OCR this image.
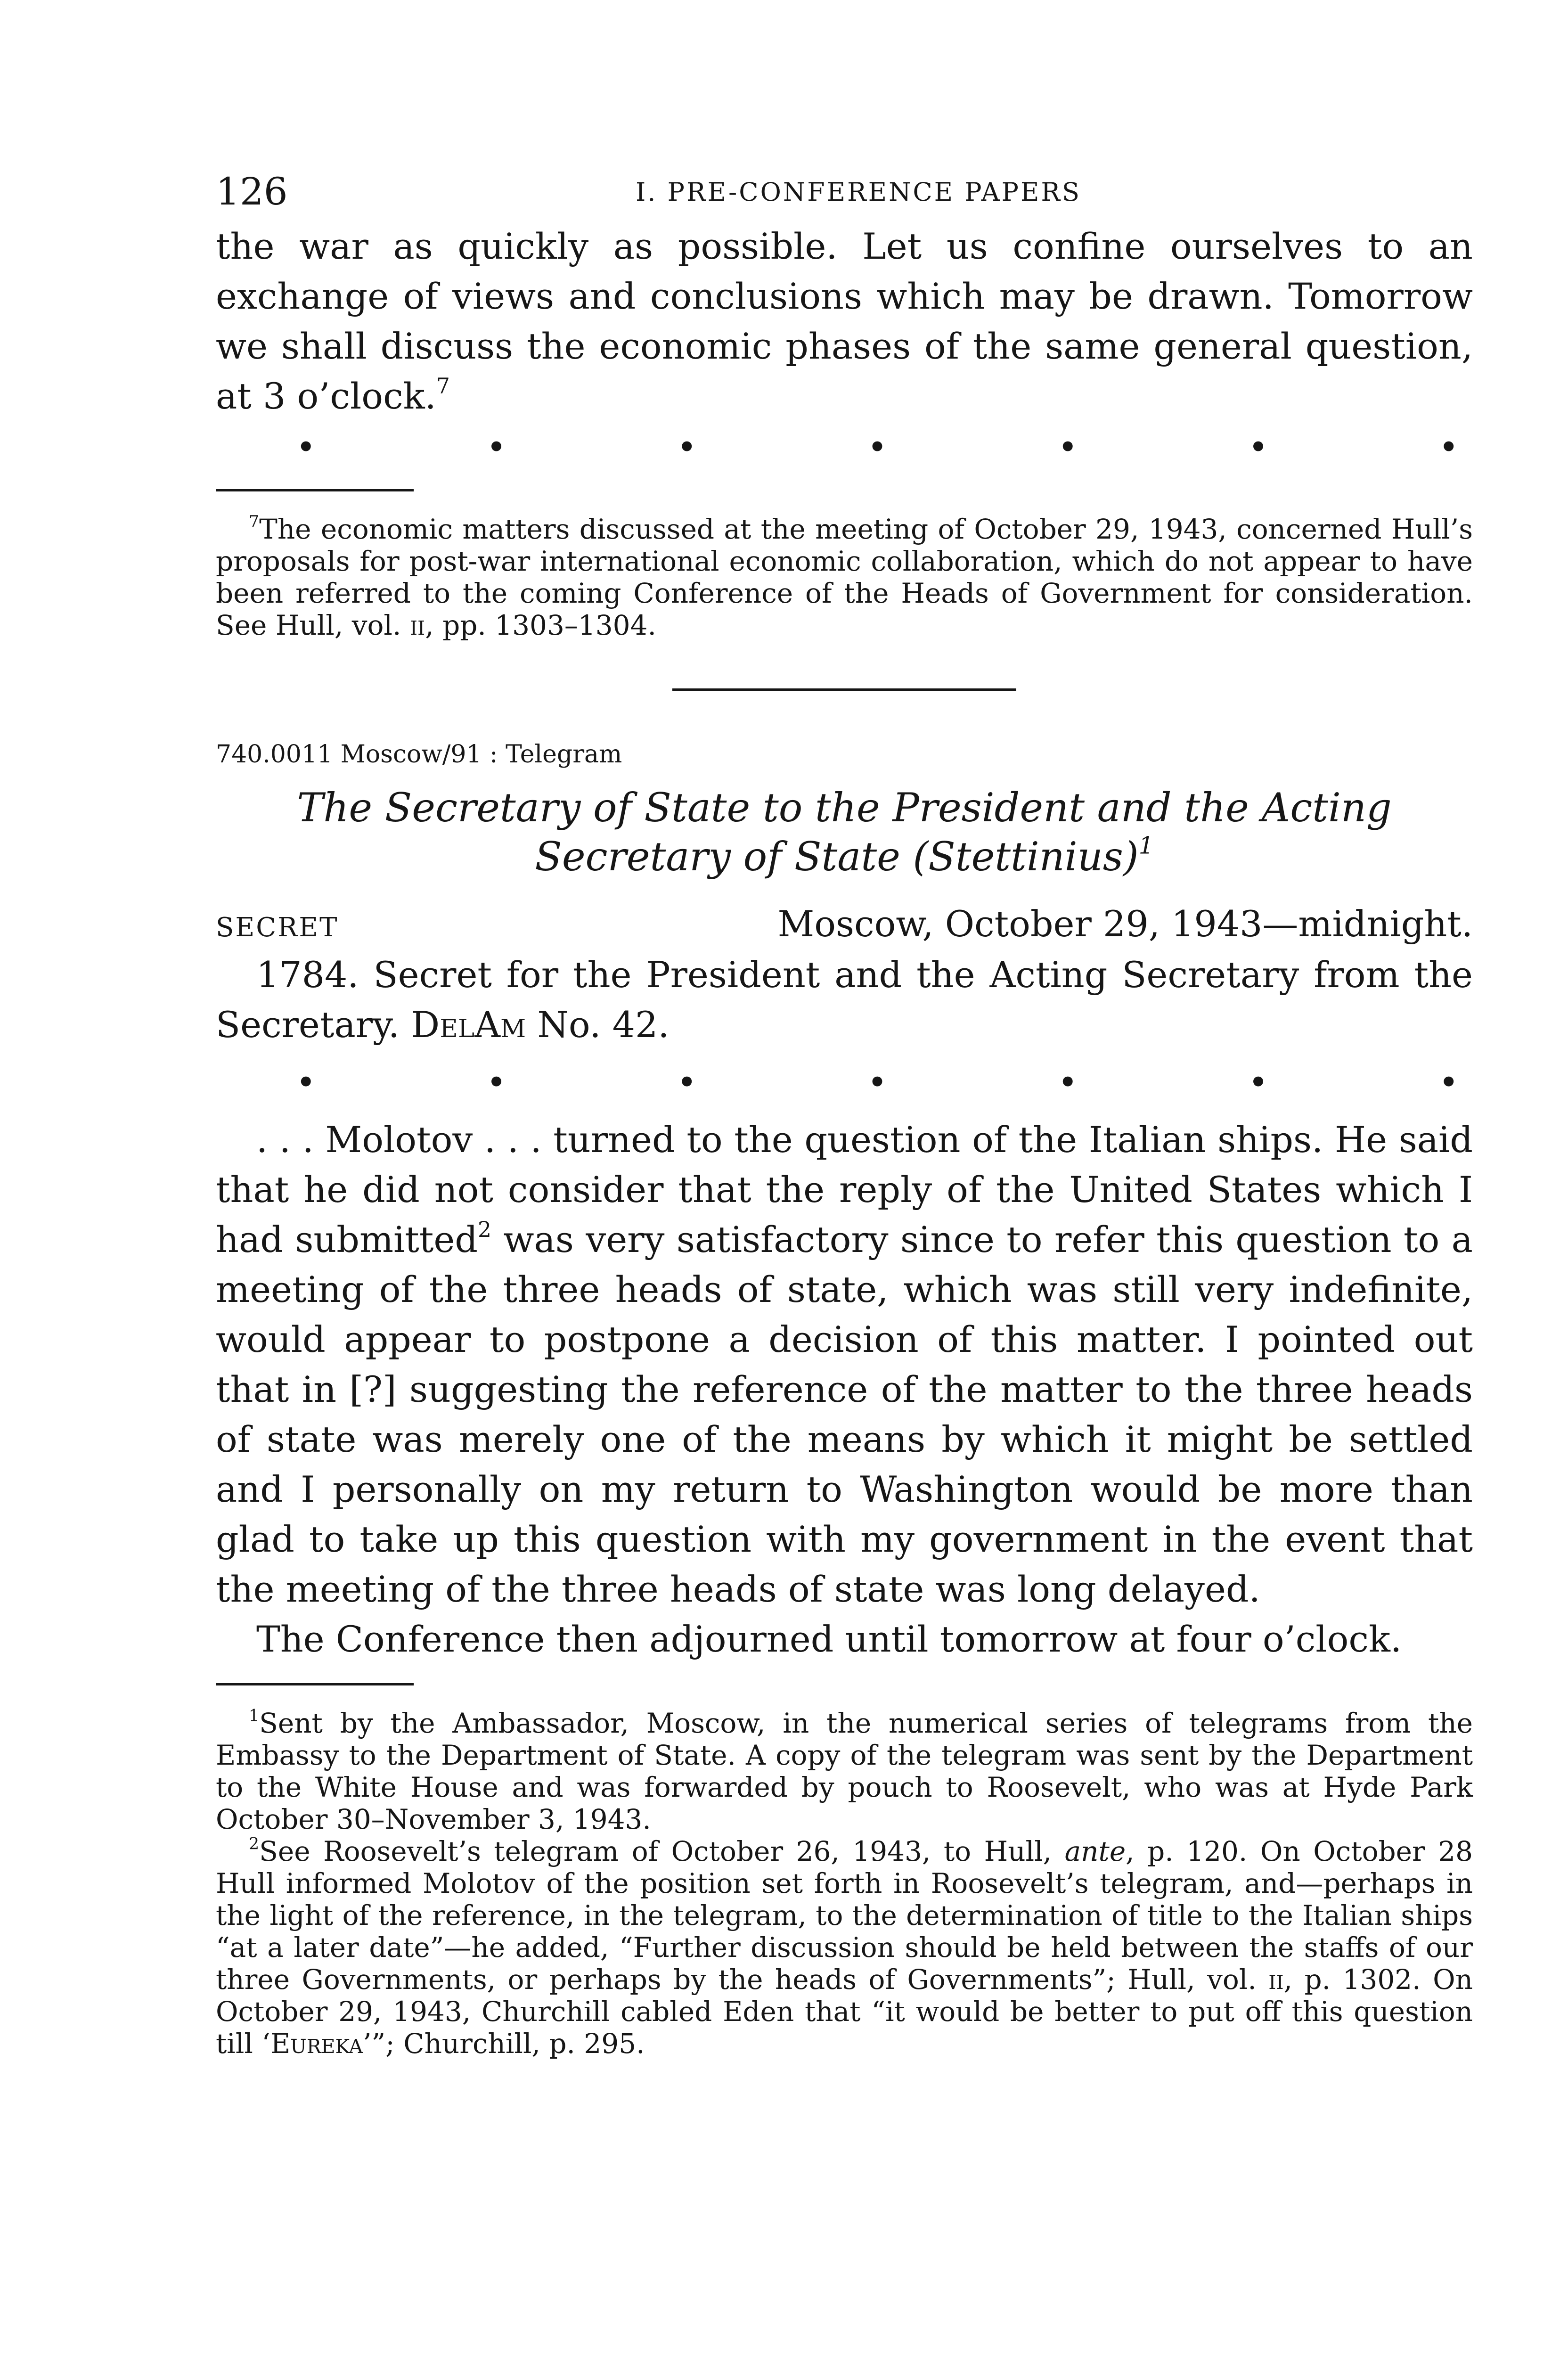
126	I. PRE-CONFERENCE PAPERS

the war as quickly as possible. Let us confine ourselves to an exchange of views and conclusions which may be drawn. Tomorrow we shall discuss the economic phases of the same general question, at 3 o’clock.$^7$

•	•	•	•	•	•	•

$^7$The economic matters discussed at the meeting of October 29, 1943, concerned Hull’s proposals for post-war international economic collaboration, which do not appear to have been referred to the coming Conference of the Heads of Government for consideration. See Hull, vol. ii, pp. 1303–1304.

740.0011 Moscow/91 : Telegram

The Secretary of State to the President and the Acting Secretary of State (Stettinius)$^1$

SECRET	Moscow, October 29, 1943—midnight.

1784. Secret for the President and the Acting Secretary from the Secretary. DelAm No. 42.

•	•	•	•	•	•	•

. . . Molotov . . . turned to the question of the Italian ships. He said that he did not consider that the reply of the United States which I had submitted$^2$ was very satisfactory since to refer this question to a meeting of the three heads of state, which was still very indefinite, would appear to postpone a decision of this matter. I pointed out that in [?] suggesting the reference of the matter to the three heads of state was merely one of the means by which it might be settled and I personally on my return to Washington would be more than glad to take up this question with my government in the event that the meeting of the three heads of state was long delayed.

The Conference then adjourned until tomorrow at four o’clock.

$^1$Sent by the Ambassador, Moscow, in the numerical series of telegrams from the Embassy to the Department of State. A copy of the telegram was sent by the Department to the White House and was forwarded by pouch to Roosevelt, who was at Hyde Park October 30–November 3, 1943.

$^2$See Roosevelt’s telegram of October 26, 1943, to Hull, ante, p. 120. On October 28 Hull informed Molotov of the position set forth in Roosevelt’s telegram, and—perhaps in the light of the reference, in the telegram, to the determination of title to the Italian ships “at a later date”—he added, “Further discussion should be held between the staffs of our three Governments, or perhaps by the heads of Governments”; Hull, vol. ii, p. 1302. On October 29, 1943, Churchill cabled Eden that “it would be better to put off this question till ‘Eureka’”; Churchill, p. 295.
